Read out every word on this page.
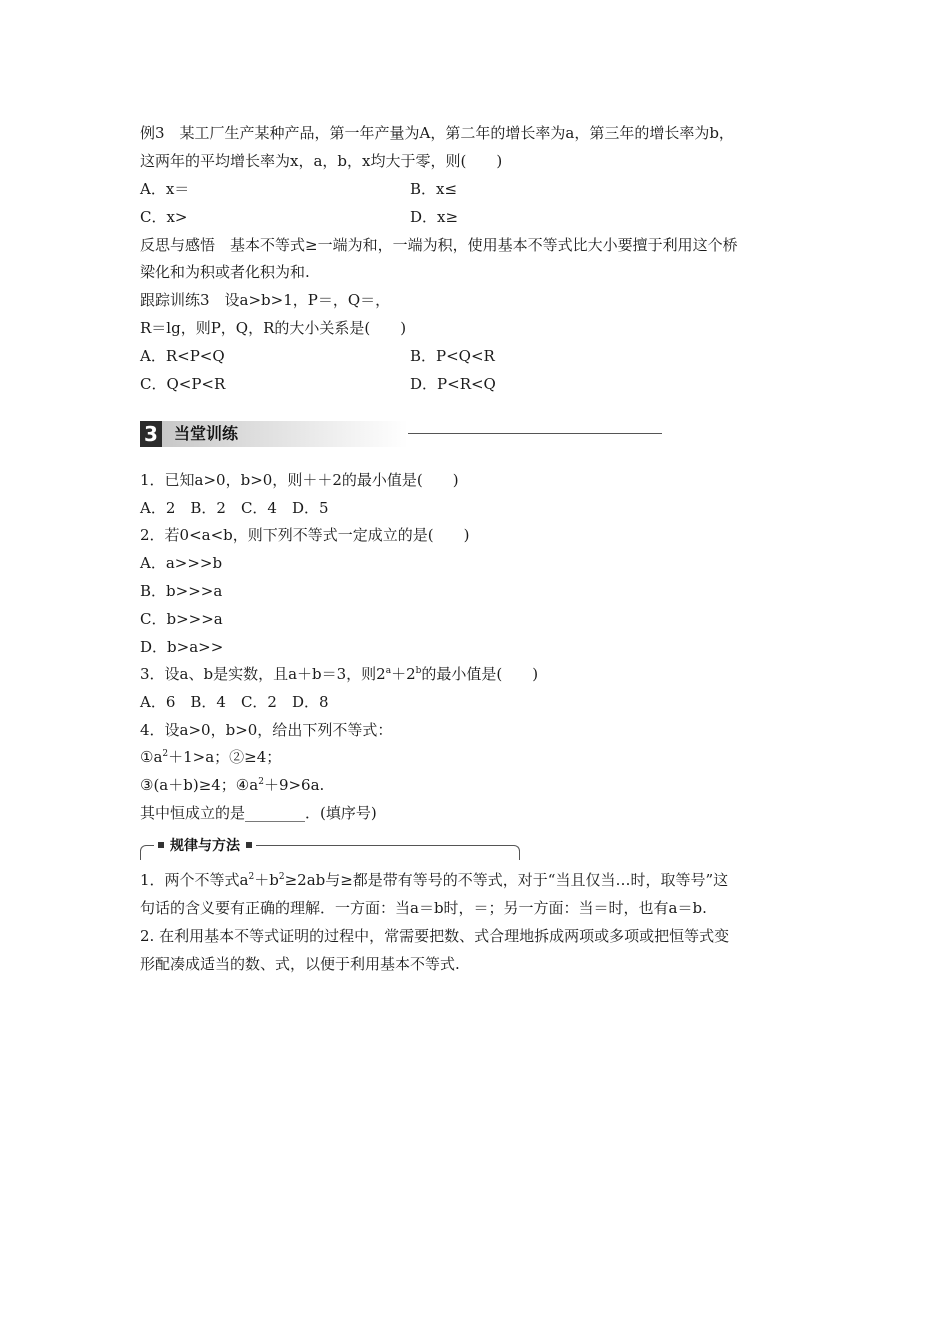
例3　某工厂生产某种产品，第一年产量为A，第二年的增长率为a，第三年的增长率为b，
这两年的平均增长率为x，a，b，x均大于零，则(　　)
A．x＝	B．x≤
C．x>	D．x≥
反思与感悟　基本不等式≥一端为和，一端为积，使用基本不等式比大小要擅于利用这个桥
梁化和为积或者化积为和.
跟踪训练3　设a>b>1，P＝，Q＝，
R＝lg，则P，Q，R的大小关系是(　　)
A．R<P<Q	B．P<Q<R
C．Q<P<R	D．P<R<Q
3 当堂训练
1．已知a>0，b>0，则＋＋2的最小值是(　　)
A．2　B．2　C．4　D．5
2．若0<a<b，则下列不等式一定成立的是(　　)
A．a>>>b
B．b>>>a
C．b>>>a
D．b>a>>
3．设a、b是实数，且a＋b＝3，则$2^a+2^b$的最小值是(　　)
A．6　B．4　C．2　D．8
4．设a>0，b>0，给出下列不等式：
$①a^2+1>a$；②≥4；
③(a＋b)≥4；$④a^2+9>6a$.
其中恒成立的是________．(填序号)
规律与方法
1．两个不等式$a^2+b^2\ge 2ab$与≥都是带有等号的不等式，对于“当且仅当…时，取等号”这
句话的含义要有正确的理解．一方面：当a＝b时，＝；另一方面：当＝时，也有a＝b.
2. 在利用基本不等式证明的过程中，常需要把数、式合理地拆成两项或多项或把恒等式变
形配凑成适当的数、式，以便于利用基本不等式.
